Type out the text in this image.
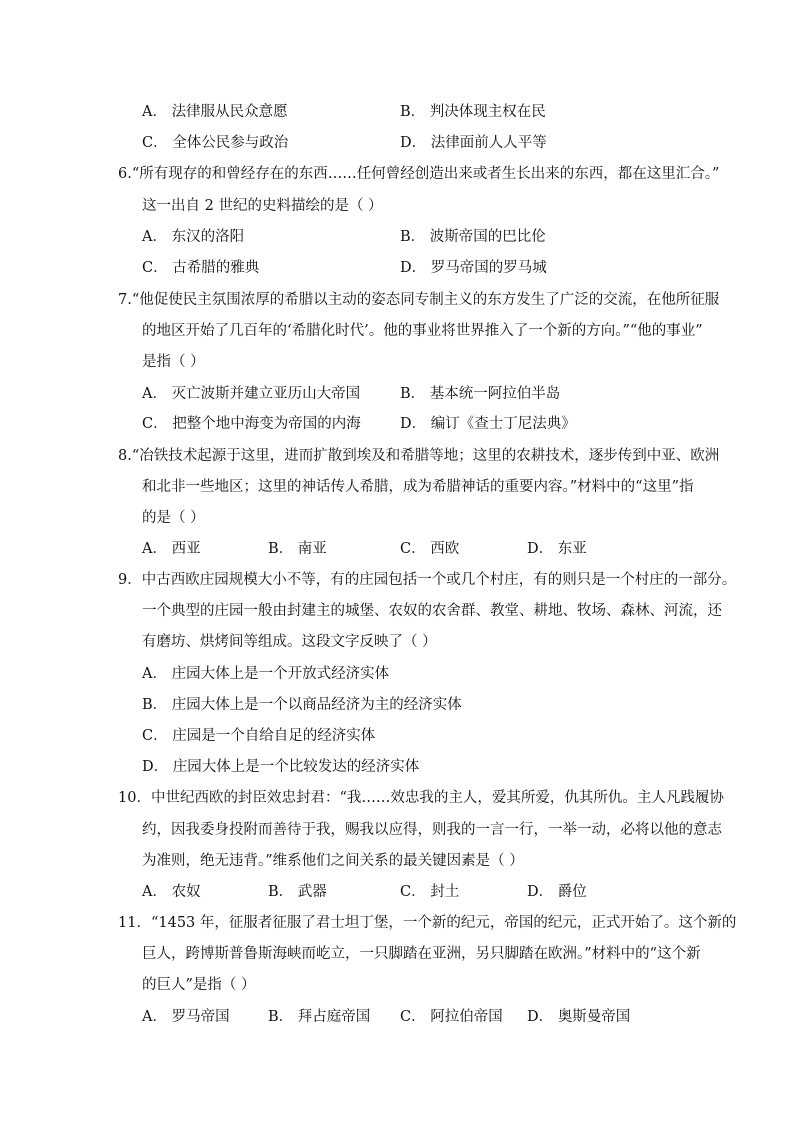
A． 法律服从民众意愿	B． 判决体现主权在民
C． 全体公民参与政治	D． 法律面前人人平等
6.“所有现存的和曾经存在的东西……任何曾经创造出来或者生长出来的东西，都在这里汇合。”
这一出自 2 世纪的史料描绘的是（ ）
A． 东汉的洛阳	B． 波斯帝国的巴比伦
C． 古希腊的雅典	D． 罗马帝国的罗马城
7.“他促使民主氛围浓厚的希腊以主动的姿态同专制主义的东方发生了广泛的交流，在他所征服
的地区开始了几百年的‘希腊化时代’。他的事业将世界推入了一个新的方向。”“他的事业”
是指（ ）
A． 灭亡波斯并建立亚历山大帝国	B． 基本统一阿拉伯半岛
C． 把整个地中海变为帝国的内海	D． 编订《查士丁尼法典》
8.“冶铁技术起源于这里，进而扩散到埃及和希腊等地；这里的农耕技术，逐步传到中亚、欧洲
和北非一些地区；这里的神话传人希腊，成为希腊神话的重要内容。”材料中的“这里”指
的是（ ）
A． 西亚	B． 南亚	C． 西欧	D． 东亚
9．中古西欧庄园规模大小不等，有的庄园包括一个或几个村庄，有的则只是一个村庄的一部分。
一个典型的庄园一般由封建主的城堡、农奴的农舍群、教堂、耕地、牧场、森林、河流，还
有磨坊、烘烤间等组成。这段文字反映了（ ）
A． 庄园大体上是一个开放式经济实体
B． 庄园大体上是一个以商品经济为主的经济实体
C． 庄园是一个自给自足的经济实体
D． 庄园大体上是一个比较发达的经济实体
10．中世纪西欧的封臣效忠封君：“我……效忠我的主人，爱其所爱，仇其所仇。主人凡践履协
约，因我委身投附而善待于我，赐我以应得，则我的一言一行，一举一动，必将以他的意志
为准则，绝无违背。”维系他们之间关系的最关键因素是（ ）
A． 农奴	B． 武器	C． 封土	D． 爵位
11．“1453 年，征服者征服了君士坦丁堡，一个新的纪元，帝国的纪元，正式开始了。这个新的
巨人，跨博斯普鲁斯海峡而屹立，一只脚踏在亚洲，另只脚踏在欧洲。”材料中的“这个新
的巨人”是指（ ）
A． 罗马帝国	B． 拜占庭帝国 C． 阿拉伯帝国 D． 奥斯曼帝国
